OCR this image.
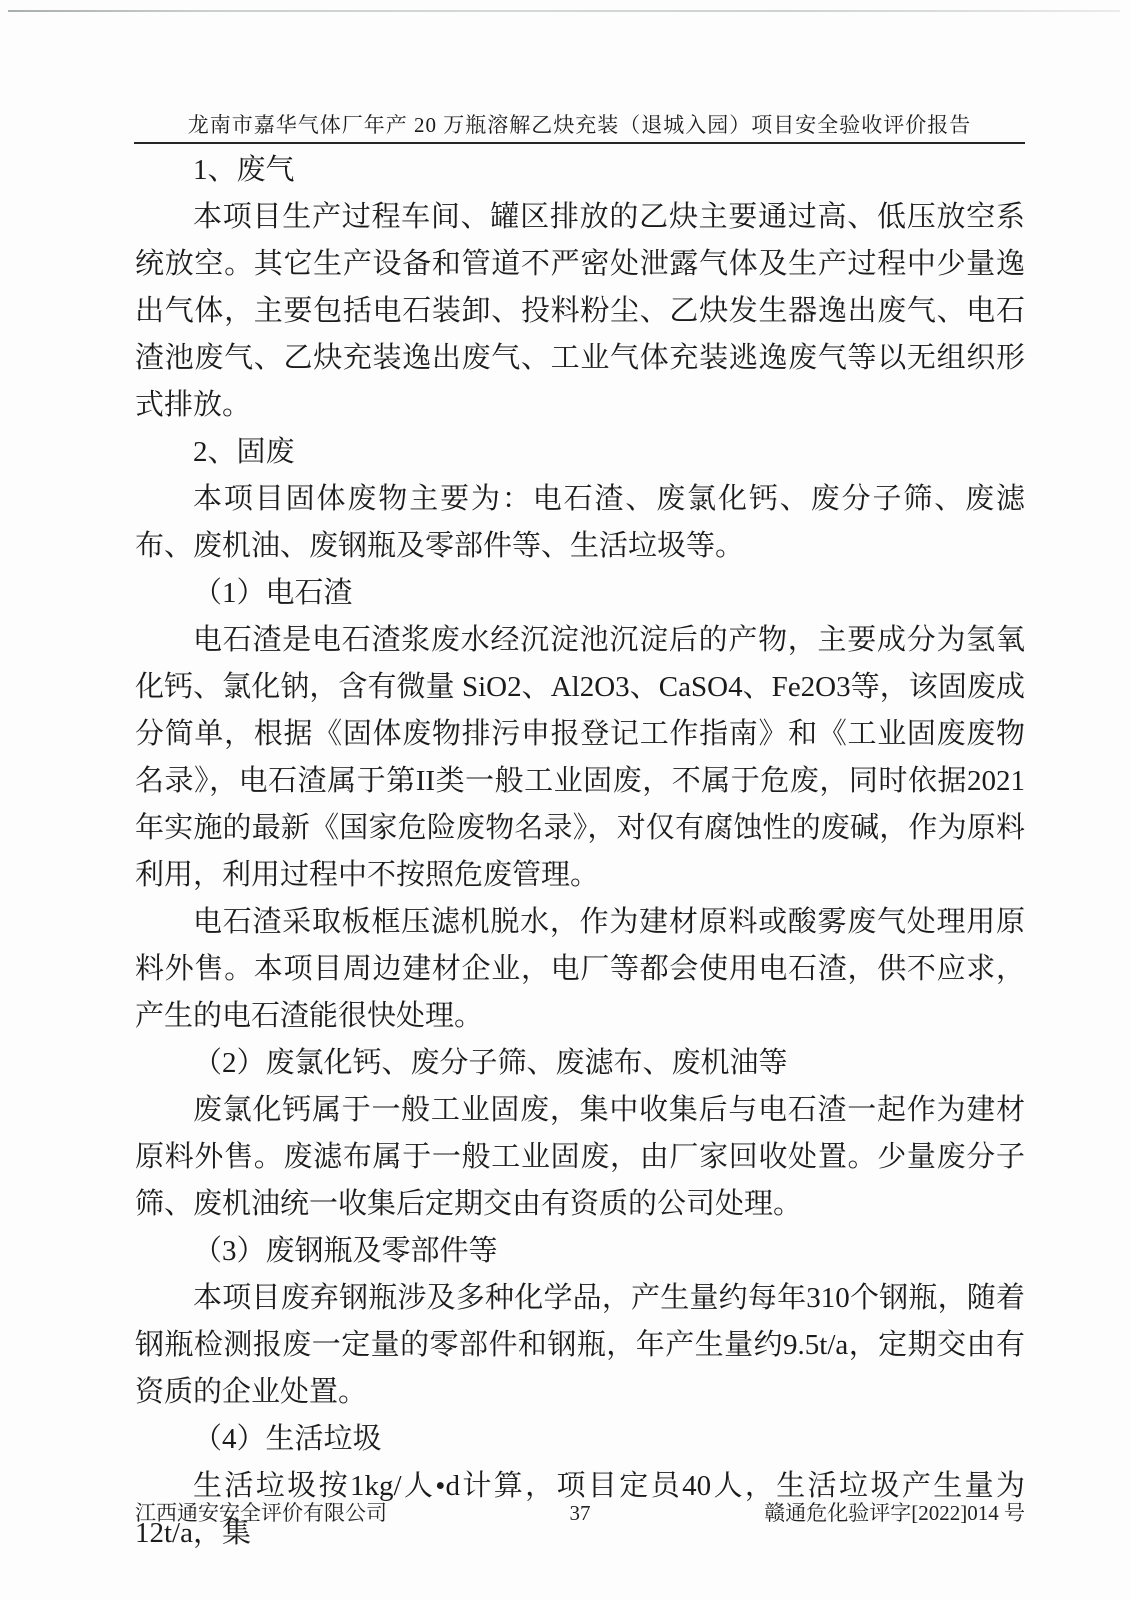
龙南市嘉华气体厂年产 20 万瓶溶解乙炔充装（退城入园）项目安全验收评价报告

1、废气

本项目生产过程车间、罐区排放的乙炔主要通过高、低压放空系统放空。其它生产设备和管道不严密处泄露气体及生产过程中少量逸出气体，主要包括电石装卸、投料粉尘、乙炔发生器逸出废气、电石渣池废气、乙炔充装逸出废气、工业气体充装逃逸废气等以无组织形式排放。

2、固废

本项目固体废物主要为：电石渣、废氯化钙、废分子筛、废滤布、废机油、废钢瓶及零部件等、生活垃圾等。

（1）电石渣

电石渣是电石渣浆废水经沉淀池沉淀后的产物，主要成分为氢氧化钙、氯化钠，含有微量 SiO2、Al2O3、CaSO4、Fe2O3等，该固废成分简单，根据《固体废物排污申报登记工作指南》和《工业固废废物名录》，电石渣属于第II类一般工业固废，不属于危废，同时依据2021年实施的最新《国家危险废物名录》，对仅有腐蚀性的废碱，作为原料利用，利用过程中不按照危废管理。

电石渣采取板框压滤机脱水，作为建材原料或酸雾废气处理用原料外售。本项目周边建材企业，电厂等都会使用电石渣，供不应求，产生的电石渣能很快处理。

（2）废氯化钙、废分子筛、废滤布、废机油等

废氯化钙属于一般工业固废，集中收集后与电石渣一起作为建材原料外售。废滤布属于一般工业固废，由厂家回收处置。少量废分子筛、废机油统一收集后定期交由有资质的公司处理。

（3）废钢瓶及零部件等

本项目废弃钢瓶涉及多种化学品，产生量约每年310个钢瓶，随着钢瓶检测报废一定量的零部件和钢瓶，年产生量约9.5t/a，定期交由有资质的企业处置。

（4）生活垃圾

生活垃圾按1kg/人•d计算，项目定员40人，生活垃圾产生量为12t/a，集

江西通安安全评价有限公司	37	赣通危化验评字[2022]014 号
